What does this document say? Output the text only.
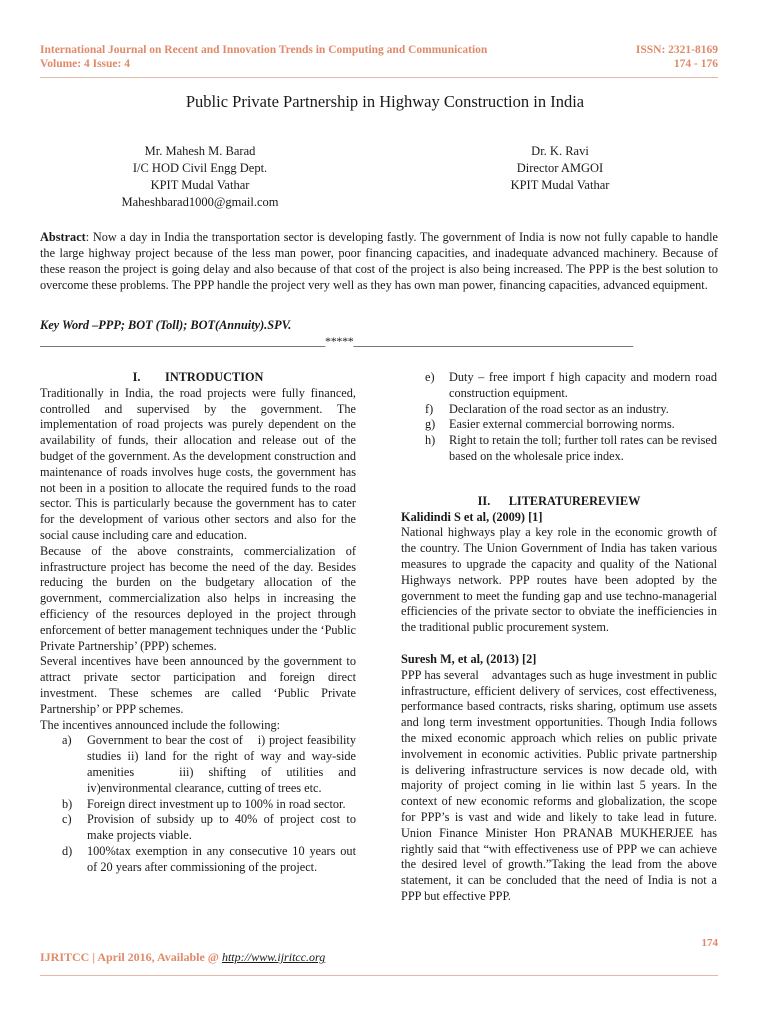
International Journal on Recent and Innovation Trends in Computing and Communication
Volume: 4 Issue: 4
ISSN: 2321-8169
174 - 176
Public Private Partnership in Highway Construction in India
Mr. Mahesh M. Barad
I/C HOD Civil Engg Dept.
KPIT Mudal Vathar
Maheshbarad1000@gmail.com
Dr. K. Ravi
Director AMGOI
KPIT Mudal Vathar
Abstract: Now a day in India the transportation sector is developing fastly. The government of India is now not fully capable to handle the large highway project because of the less man power, poor financing capacities, and inadequate advanced machinery. Because of these reason the project is going delay and also because of that cost of the project is also being increased. The PPP is the best solution to overcome these problems. The PPP handle the project very well as they has own man power, financing capacities, advanced equipment.
Key Word –PPP; BOT (Toll); BOT(Annuity).SPV.
__________________________________________________*****_________________________________________________

I.        INTRODUCTION

Traditionally in India, the road projects were fully financed, controlled and supervised by the government. The implementation of road projects was purely dependent on the availability of funds, their allocation and release out of the budget of the government. As the development construction and maintenance of roads involves huge costs, the government has not been in a position to allocate the required funds to the road sector. This is particularly because the government has to cater for the development of various other sectors and also for the social cause including care and education.

Because of the above constraints, commercialization of infrastructure project has become the need of the day. Besides reducing the burden on the budgetary allocation of the government, commercialization also helps in increasing the efficiency of the resources deployed in the project through enforcement of better management techniques under the ‘Public Private Partnership’ (PPP) schemes.

Several incentives have been announced by the government to attract private sector participation and foreign direct investment. These schemes are called ‘Public Private Partnership’ or PPP schemes.

The incentives announced include the following:

a) Government to bear the cost of    i) project feasibility studies ii) land for the right of way and way-side amenities   iii) shifting of utilities and iv)environmental clearance, cutting of trees etc.
b) Foreign direct investment up to 100% in road sector.
c) Provision of subsidy up to 40% of project cost to make projects viable.
d) 100%tax exemption in any consecutive 10 years out of 20 years after commissioning of the project.
e) Duty – free import f high capacity and modern road construction equipment.
f) Declaration of the road sector as an industry.
g) Easier external commercial borrowing norms.
h) Right to retain the toll; further toll rates can be revised based on the wholesale price index.

II.      LITERATUREREVIEW

Kalidindi S et al, (2009) [1]

National highways play a key role in the economic growth of the country. The Union Government of India has taken various measures to upgrade the capacity and quality of the National Highways network. PPP routes have been adopted by the government to meet the funding gap and use techno-managerial efficiencies of the private sector to obviate the inefficiencies in the traditional public procurement system.

Suresh M, et al, (2013) [2]

PPP has several    advantages such as huge investment in public infrastructure, efficient delivery of services, cost effectiveness, performance based contracts, risks sharing, optimum use assets and long term investment opportunities. Though India follows the mixed economic approach which relies on public private involvement in economic activities. Public private partnership is delivering infrastructure services is now decade old, with majority of project coming in lie within last 5 years. In the context of new economic reforms and globalization, the scope for PPP’s is vast and wide and likely to take lead in future. Union Finance Minister Hon PRANAB MUKHERJEE has rightly said that “with effectiveness use of PPP we can achieve the desired level of growth.”Taking the lead from the above statement, it can be concluded that the need of India is not a PPP but effective PPP.

174
IJRITCC | April 2016, Available @ http://www.ijritcc.org
